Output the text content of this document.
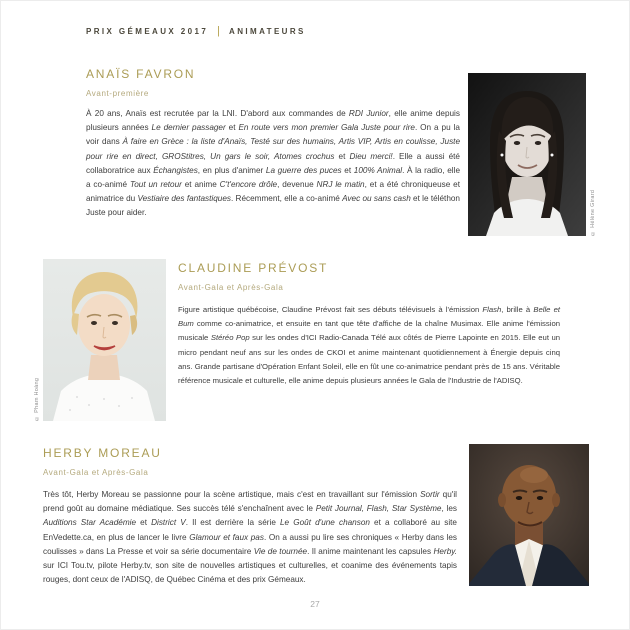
PRIX GÉMEAUX 2017 | ANIMATEURS
ANAÏS FAVRON
Avant-première
À 20 ans, Anaïs est recrutée par la LNI. D'abord aux commandes de RDI Junior, elle anime depuis plusieurs années Le dernier passager et En route vers mon premier Gala Juste pour rire. On a pu la voir dans À faire en Grèce : la liste d'Anaïs, Testé sur des humains, Artis VIP, Artis en coulisse, Juste pour rire en direct, GROStitres, Un gars le soir, Atomes crochus et Dieu merci!. Elle a aussi été collaboratrice aux Échangistes, en plus d'animer La guerre des puces et 100% Animal. À la radio, elle a co-animé Tout un retour et anime C't'encore drôle, devenue NRJ le matin, et a été chroniqueuse et animatrice du Vestiaire des fantastiques. Récemment, elle a co-animé Avec ou sans cash et le téléthon Juste pour aider.	© Hélène Girard
© Pham Hoàng
CLAUDINE PRÉVOST
Avant-Gala et Après-Gala
Figure artistique québécoise, Claudine Prévost fait ses débuts télévisuels à l'émission Flash, brille à Belle et Bum comme co-animatrice, et ensuite en tant que tête d'affiche de la chaîne Musimax. Elle anime l'émission musicale Stéréo Pop sur les ondes d'ICI Radio-Canada Télé aux côtés de Pierre Lapointe en 2015. Elle eut un micro pendant neuf ans sur les ondes de CKOI et anime maintenant quotidiennement à Énergie depuis cinq ans. Grande partisane d'Opération Enfant Soleil, elle en fût une co-animatrice pendant près de 15 ans. Véritable référence musicale et culturelle, elle anime depuis plusieurs années le Gala de l'Industrie de l'ADISQ.
HERBY MOREAU
Avant-Gala et Après-Gala
Très tôt, Herby Moreau se passionne pour la scène artistique, mais c'est en travaillant sur l'émission Sortir qu'il prend goût au domaine médiatique. Ses succès télé s'enchaînent avec le Petit Journal, Flash, Star Système, les Auditions Star Académie et District V. Il est derrière la série Le Goût d'une chanson et a collaboré au site EnVedette.ca, en plus de lancer le livre Glamour et faux pas. On a aussi pu lire ses chroniques « Herby dans les coulisses » dans La Presse et voir sa série documentaire Vie de tournée. Il anime maintenant les capsules Herby. sur ICI Tou.tv, pilote Herby.tv, son site de nouvelles artistiques et culturelles, et coanime des événements tapis rouges, dont ceux de l'ADISQ, de Québec Cinéma et des prix Gémeaux.
27
